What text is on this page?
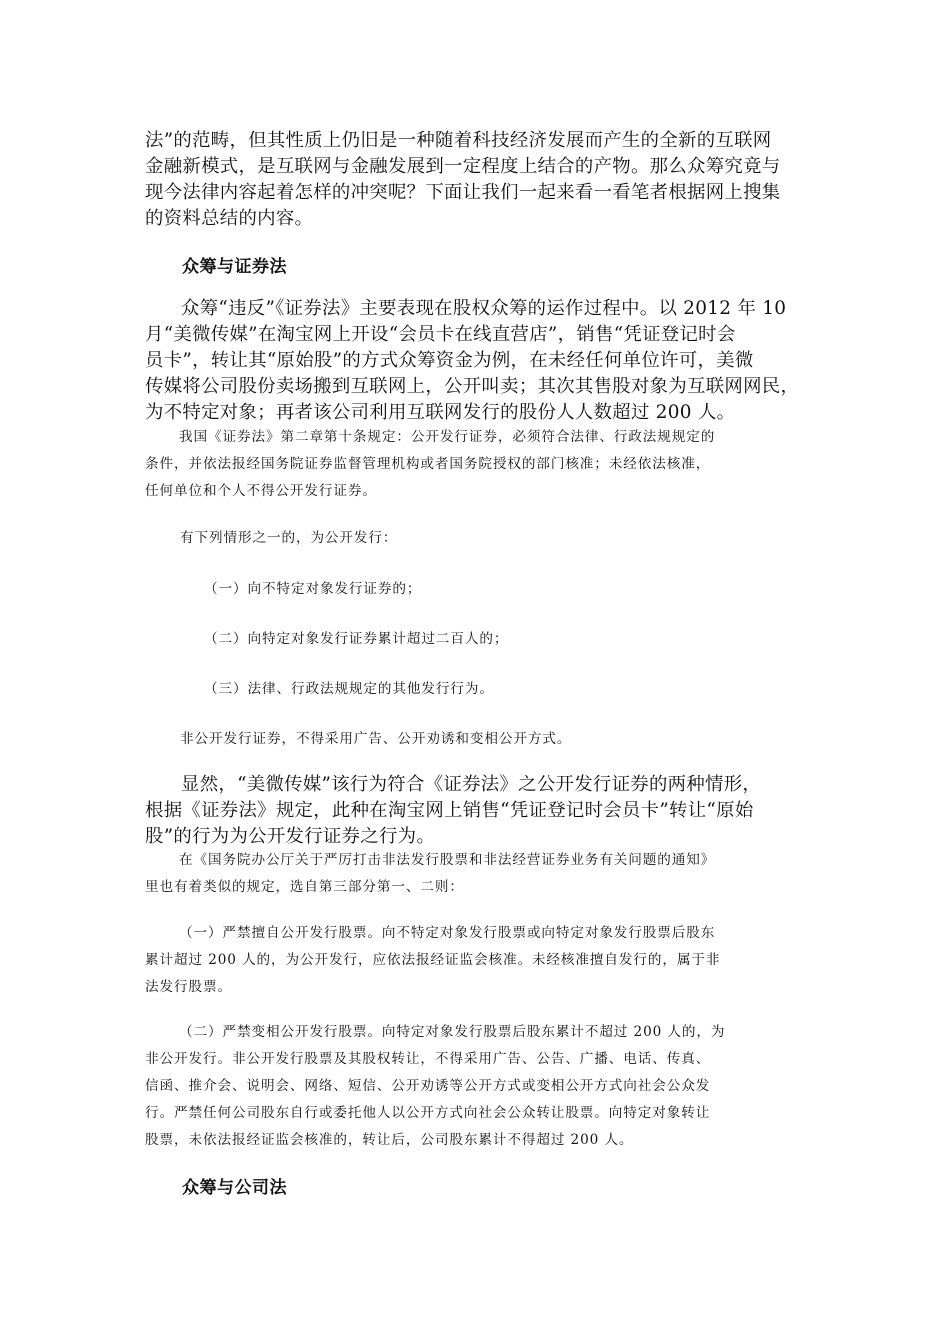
法”的范畴，但其性质上仍旧是一种随着科技经济发展而产生的全新的互联网

金融新模式，是互联网与金融发展到一定程度上结合的产物。那么众筹究竟与

现今法律内容起着怎样的冲突呢？下面让我们一起来看一看笔者根据网上搜集

的资料总结的内容。

众筹与证券法

众筹“违反”《证券法》主要表现在股权众筹的运作过程中。以 2012 年 10

月“美微传媒”在淘宝网上开设“会员卡在线直营店”，销售“凭证登记时会

员卡”，转让其“原始股”的方式众筹资金为例，在未经任何单位许可，美微

传媒将公司股份卖场搬到互联网上，公开叫卖；其次其售股对象为互联网网民，

为不特定对象；再者该公司利用互联网发行的股份人人数超过 200 人。

我国《证券法》第二章第十条规定：公开发行证券，必须符合法律、行政法规规定的

条件，并依法报经国务院证券监督管理机构或者国务院授权的部门核准；未经依法核准，

任何单位和个人不得公开发行证券。

有下列情形之一的，为公开发行：

（一）向不特定对象发行证券的；

（二）向特定对象发行证券累计超过二百人的；

（三）法律、行政法规规定的其他发行行为。

非公开发行证券，不得采用广告、公开劝诱和变相公开方式。

显然，“美微传媒”该行为符合《证券法》之公开发行证券的两种情形，

根据《证券法》规定，此种在淘宝网上销售“凭证登记时会员卡”转让“原始

股”的行为为公开发行证券之行为。

在《国务院办公厅关于严厉打击非法发行股票和非法经营证券业务有关问题的通知》

里也有着类似的规定，选自第三部分第一、二则：

（一）严禁擅自公开发行股票。向不特定对象发行股票或向特定对象发行股票后股东

累计超过 200 人的，为公开发行，应依法报经证监会核准。未经核准擅自发行的，属于非

法发行股票。

（二）严禁变相公开发行股票。向特定对象发行股票后股东累计不超过 200 人的，为

非公开发行。非公开发行股票及其股权转让，不得采用广告、公告、广播、电话、传真、

信函、推介会、说明会、网络、短信、公开劝诱等公开方式或变相公开方式向社会公众发

行。严禁任何公司股东自行或委托他人以公开方式向社会公众转让股票。向特定对象转让

股票，未依法报经证监会核准的，转让后，公司股东累计不得超过 200 人。

众筹与公司法
